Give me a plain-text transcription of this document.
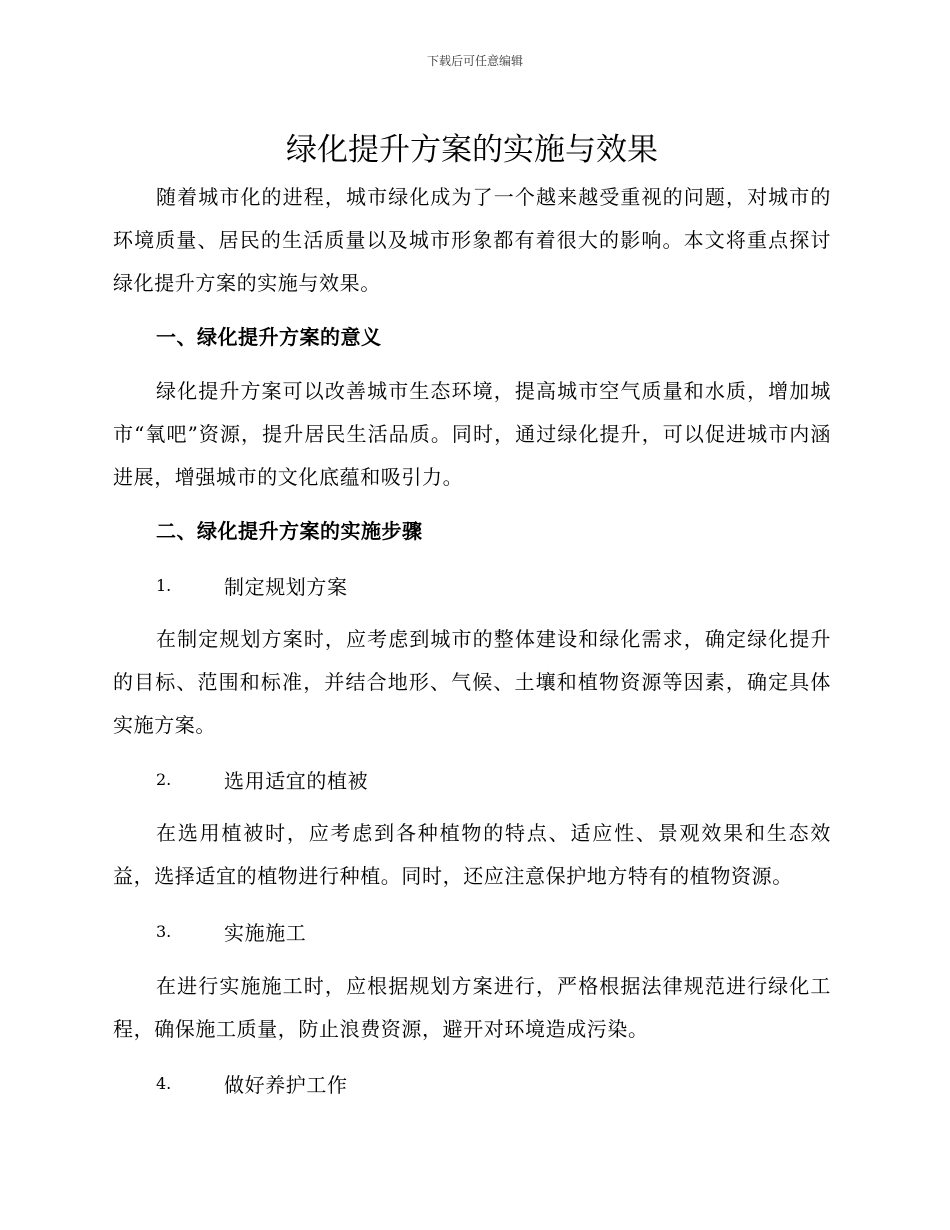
下载后可任意编辑
绿化提升方案的实施与效果

随着城市化的进程，城市绿化成为了一个越来越受重视的问题，对城市的环境质量、居民的生活质量以及城市形象都有着很大的影响。本文将重点探讨绿化提升方案的实施与效果。

一、绿化提升方案的意义

绿化提升方案可以改善城市生态环境，提高城市空气质量和水质，增加城市“氧吧”资源，提升居民生活品质。同时，通过绿化提升，可以促进城市内涵进展，增强城市的文化底蕴和吸引力。

二、绿化提升方案的实施步骤
1.	制定规划方案

在制定规划方案时，应考虑到城市的整体建设和绿化需求，确定绿化提升的目标、范围和标准，并结合地形、气候、土壤和植物资源等因素，确定具体实施方案。

2.	选用适宜的植被

在选用植被时，应考虑到各种植物的特点、适应性、景观效果和生态效益，选择适宜的植物进行种植。同时，还应注意保护地方特有的植物资源。

3.	实施施工

在进行实施施工时，应根据规划方案进行，严格根据法律规范进行绿化工程，确保施工质量，防止浪费资源，避开对环境造成污染。

4.	做好养护工作
